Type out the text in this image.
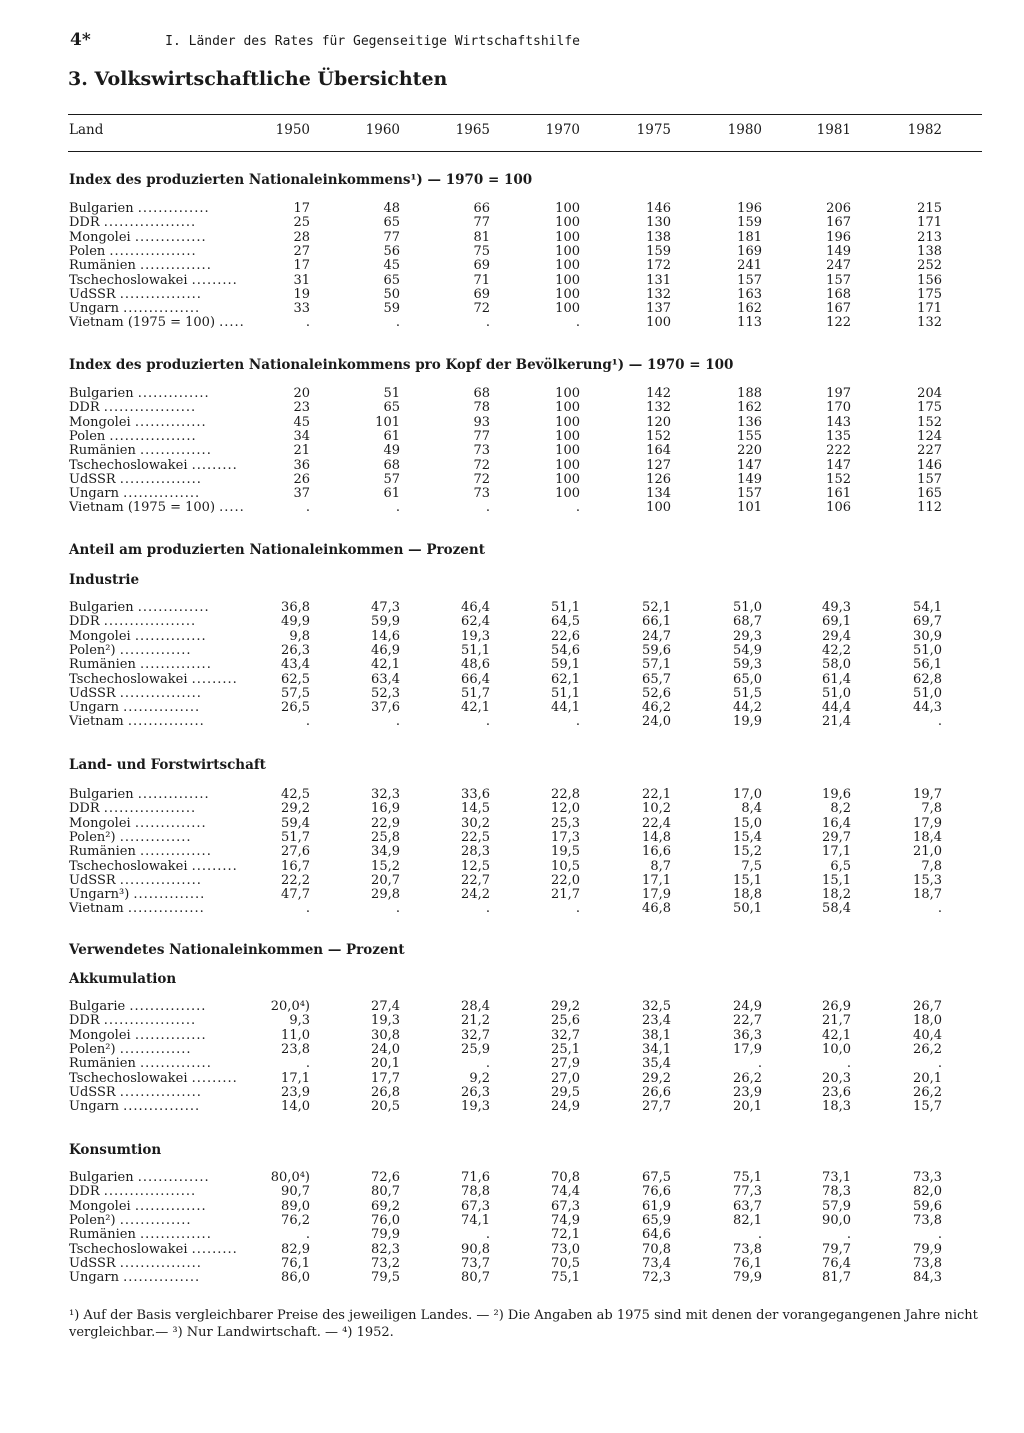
4*	I. Länder des Rates für Gegenseitige Wirtschaftshilfe
3. Volkswirtschaftliche Übersichten
Land	1950	1960	1965	1970	1975	1980	1981	1982
Index des produzierten Nationaleinkommens¹) — 1970 = 100
Bulgarien ..............	17	48	66	100	146	196	206	215
DDR ..................	25	65	77	100	130	159	167	171
Mongolei ..............	28	77	81	100	138	181	196	213
Polen .................	27	56	75	100	159	169	149	138
Rumänien ..............	17	45	69	100	172	241	247	252
Tschechoslowakei .........	31	65	71	100	131	157	157	156
UdSSR ................	19	50	69	100	132	163	168	175
Ungarn ...............	33	59	72	100	137	162	167	171
Vietnam (1975 = 100) .....	.	.	.	.	100	113	122	132
Index des produzierten Nationaleinkommens pro Kopf der Bevölkerung¹) — 1970 = 100
Bulgarien ..............	20	51	68	100	142	188	197	204
DDR ..................	23	65	78	100	132	162	170	175
Mongolei ..............	45	101	93	100	120	136	143	152
Polen .................	34	61	77	100	152	155	135	124
Rumänien ..............	21	49	73	100	164	220	222	227
Tschechoslowakei .........	36	68	72	100	127	147	147	146
UdSSR ................	26	57	72	100	126	149	152	157
Ungarn ...............	37	61	73	100	134	157	161	165
Vietnam (1975 = 100) .....	.	.	.	.	100	101	106	112
Anteil am produzierten Nationaleinkommen — Prozent
Industrie
Bulgarien ..............	36,8	47,3	46,4	51,1	52,1	51,0	49,3	54,1
DDR ..................	49,9	59,9	62,4	64,5	66,1	68,7	69,1	69,7
Mongolei ..............	9,8	14,6	19,3	22,6	24,7	29,3	29,4	30,9
Polen²) ..............	26,3	46,9	51,1	54,6	59,6	54,9	42,2	51,0
Rumänien ..............	43,4	42,1	48,6	59,1	57,1	59,3	58,0	56,1
Tschechoslowakei .........	62,5	63,4	66,4	62,1	65,7	65,0	61,4	62,8
UdSSR ................	57,5	52,3	51,7	51,1	52,6	51,5	51,0	51,0
Ungarn ...............	26,5	37,6	42,1	44,1	46,2	44,2	44,4	44,3
Vietnam ...............	.	.	.	.	24,0	19,9	21,4	.
Land- und Forstwirtschaft
Bulgarien ..............	42,5	32,3	33,6	22,8	22,1	17,0	19,6	19,7
DDR ..................	29,2	16,9	14,5	12,0	10,2	8,4	8,2	7,8
Mongolei ..............	59,4	22,9	30,2	25,3	22,4	15,0	16,4	17,9
Polen²) ..............	51,7	25,8	22,5	17,3	14,8	15,4	29,7	18,4
Rumänien ..............	27,6	34,9	28,3	19,5	16,6	15,2	17,1	21,0
Tschechoslowakei .........	16,7	15,2	12,5	10,5	8,7	7,5	6,5	7,8
UdSSR ................	22,2	20,7	22,7	22,0	17,1	15,1	15,1	15,3
Ungarn³) ..............	47,7	29,8	24,2	21,7	17,9	18,8	18,2	18,7
Vietnam ...............	.	.	.	.	46,8	50,1	58,4	.
Verwendetes Nationaleinkommen — Prozent
Akkumulation
Bulgarie ...............	20,0⁴)	27,4	28,4	29,2	32,5	24,9	26,9	26,7
DDR ..................	9,3	19,3	21,2	25,6	23,4	22,7	21,7	18,0
Mongolei ..............	11,0	30,8	32,7	32,7	38,1	36,3	42,1	40,4
Polen²) ..............	23,8	24,0	25,9	25,1	34,1	17,9	10,0	26,2
Rumänien ..............	.	20,1	.	27,9	35,4	.	.	.
Tschechoslowakei .........	17,1	17,7	9,2	27,0	29,2	26,2	20,3	20,1
UdSSR ................	23,9	26,8	26,3	29,5	26,6	23,9	23,6	26,2
Ungarn ...............	14,0	20,5	19,3	24,9	27,7	20,1	18,3	15,7
Konsumtion
Bulgarien ..............	80,0⁴)	72,6	71,6	70,8	67,5	75,1	73,1	73,3
DDR ..................	90,7	80,7	78,8	74,4	76,6	77,3	78,3	82,0
Mongolei ..............	89,0	69,2	67,3	67,3	61,9	63,7	57,9	59,6
Polen²) ..............	76,2	76,0	74,1	74,9	65,9	82,1	90,0	73,8
Rumänien ..............	.	79,9	.	72,1	64,6	.	.	.
Tschechoslowakei .........	82,9	82,3	90,8	73,0	70,8	73,8	79,7	79,9
UdSSR ................	76,1	73,2	73,7	70,5	73,4	76,1	76,4	73,8
Ungarn ...............	86,0	79,5	80,7	75,1	72,3	79,9	81,7	84,3
¹) Auf der Basis vergleichbarer Preise des jeweiligen Landes. — ²) Die Angaben ab 1975 sind mit denen der vorangegangenen Jahre nicht vergleichbar.— ³) Nur Landwirtschaft. — ⁴) 1952.
